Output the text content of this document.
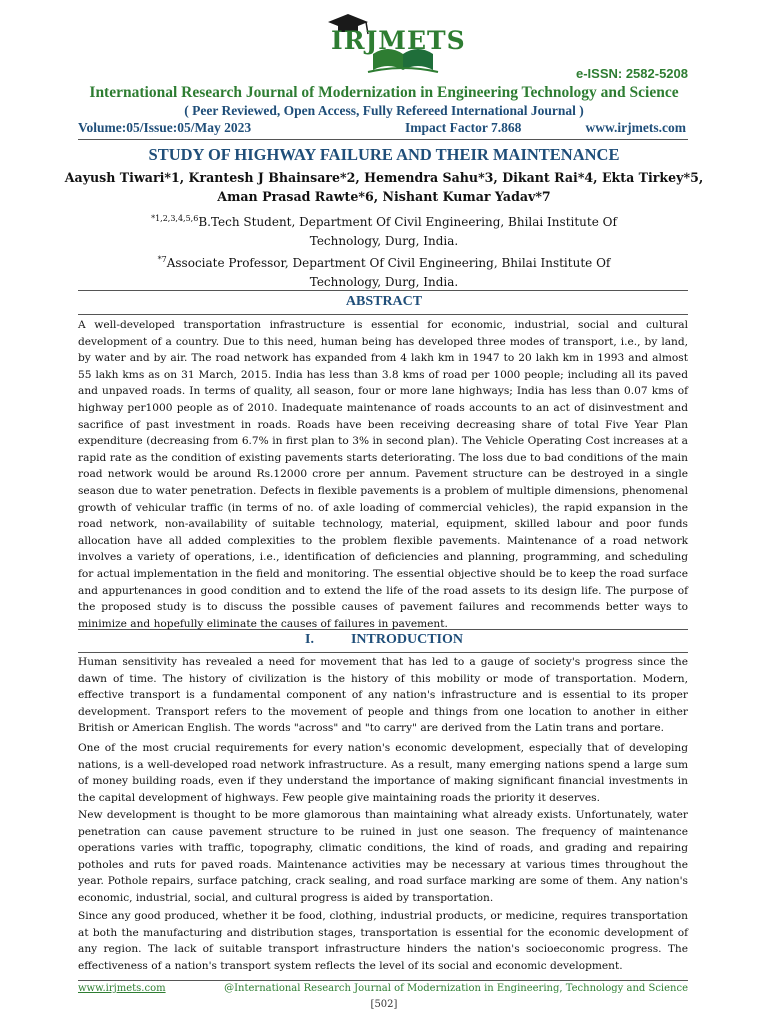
IRJMETS
e-ISSN: 2582-5208
International Research Journal of Modernization in Engineering Technology and Science
( Peer Reviewed, Open Access, Fully Refereed International Journal )
Volume:05/Issue:05/May 2023	Impact Factor 7.868	www.irjmets.com
STUDY OF HIGHWAY FAILURE AND THEIR MAINTENANCE
Aayush Tiwari*1, Krantesh J Bhainsare*2, Hemendra Sahu*3, Dikant Rai*4, Ekta Tirkey*5,
Aman Prasad Rawte*6, Nishant Kumar Yadav*7
$^{*1,2,3,4,5,6}$B.Tech Student, Department Of Civil Engineering, Bhilai Institute Of
Technology, Durg, India.
$^{*7}$Associate Professor, Department Of Civil Engineering, Bhilai Institute Of
Technology, Durg, India.
ABSTRACT
A well-developed transportation infrastructure is essential for economic, industrial, social and cultural development of a country. Due to this need, human being has developed three modes of transport, i.e., by land, by water and by air. The road network has expanded from 4 lakh km in 1947 to 20 lakh km in 1993 and almost 55 lakh kms as on 31 March, 2015. India has less than 3.8 kms of road per 1000 people; including all its paved and unpaved roads. In terms of quality, all season, four or more lane highways; India has less than 0.07 kms of highway per1000 people as of 2010. Inadequate maintenance of roads accounts to an act of disinvestment and sacrifice of past investment in roads. Roads have been receiving decreasing share of total Five Year Plan expenditure (decreasing from 6.7% in first plan to 3% in second plan). The Vehicle Operating Cost increases at a rapid rate as the condition of existing pavements starts deteriorating. The loss due to bad conditions of the main road network would be around Rs.12000 crore per annum. Pavement structure can be destroyed in a single season due to water penetration. Defects in flexible pavements is a problem of multiple dimensions, phenomenal growth of vehicular traffic (in terms of no. of axle loading of commercial vehicles), the rapid expansion in the road network, non-availability of suitable technology, material, equipment, skilled labour and poor funds allocation have all added complexities to the problem flexible pavements. Maintenance of a road network involves a variety of operations, i.e., identification of deficiencies and planning, programming, and scheduling for actual implementation in the field and monitoring. The essential objective should be to keep the road surface and appurtenances in good condition and to extend the life of the road assets to its design life. The purpose of the proposed study is to discuss the possible causes of pavement failures and recommends better ways to minimize and hopefully eliminate the causes of failures in pavement.
I.	INTRODUCTION
Human sensitivity has revealed a need for movement that has led to a gauge of society's progress since the dawn of time. The history of civilization is the history of this mobility or mode of transportation. Modern, effective transport is a fundamental component of any nation's infrastructure and is essential to its proper development. Transport refers to the movement of people and things from one location to another in either British or American English. The words "across" and "to carry" are derived from the Latin trans and portare.
One of the most crucial requirements for every nation's economic development, especially that of developing nations, is a well-developed road network infrastructure. As a result, many emerging nations spend a large sum of money building roads, even if they understand the importance of making significant financial investments in the capital development of highways. Few people give maintaining roads the priority it deserves.
New development is thought to be more glamorous than maintaining what already exists. Unfortunately, water penetration can cause pavement structure to be ruined in just one season. The frequency of maintenance operations varies with traffic, topography, climatic conditions, the kind of roads, and grading and repairing potholes and ruts for paved roads. Maintenance activities may be necessary at various times throughout the year. Pothole repairs, surface patching, crack sealing, and road surface marking are some of them. Any nation's economic, industrial, social, and cultural progress is aided by transportation.
Since any good produced, whether it be food, clothing, industrial products, or medicine, requires transportation at both the manufacturing and distribution stages, transportation is essential for the economic development of any region. The lack of suitable transport infrastructure hinders the nation's socioeconomic progress. The effectiveness of a nation's transport system reflects the level of its social and economic development.
www.irjmets.com	@International Research Journal of Modernization in Engineering, Technology and Science
[502]
